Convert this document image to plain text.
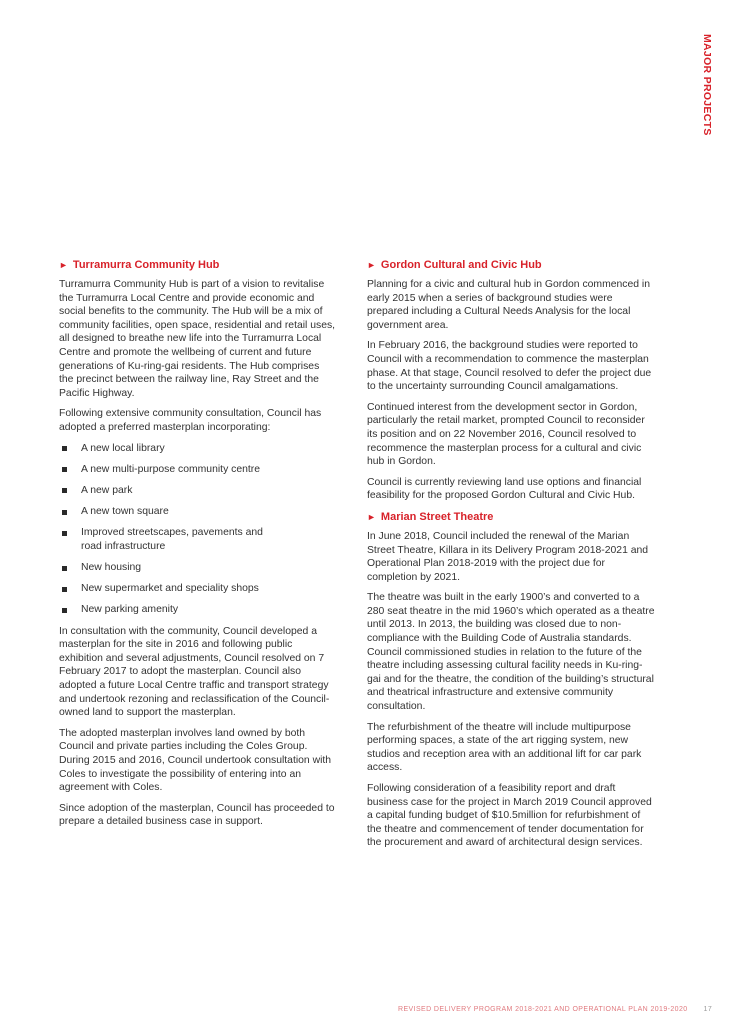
MAJOR PROJECTS
► Turramurra Community Hub

Turramurra Community Hub is part of a vision to revitalise the Turramurra Local Centre and provide economic and social benefits to the community. The Hub will be a mix of community facilities, open space, residential and retail uses, all designed to breathe new life into the Turramurra Local Centre and promote the wellbeing of current and future generations of Ku-ring-gai residents. The Hub comprises the precinct between the railway line, Ray Street and the Pacific Highway.

Following extensive community consultation, Council has adopted a preferred masterplan incorporating:

A new local library
A new multi-purpose community centre
A new park
A new town square
Improved streetscapes, pavements and road infrastructure
New housing
New supermarket and speciality shops
New parking amenity

In consultation with the community, Council developed a masterplan for the site in 2016 and following public exhibition and several adjustments, Council resolved on 7 February 2017 to adopt the masterplan. Council also adopted a future Local Centre traffic and transport strategy and undertook rezoning and reclassification of the Council-owned land to support the masterplan.

The adopted masterplan involves land owned by both Council and private parties including the Coles Group. During 2015 and 2016, Council undertook consultation with Coles to investigate the possibility of entering into an agreement with Coles.

Since adoption of the masterplan, Council has proceeded to prepare a detailed business case in support.

► Gordon Cultural and Civic Hub

Planning for a civic and cultural hub in Gordon commenced in early 2015 when a series of background studies were prepared including a Cultural Needs Analysis for the local government area.

In February 2016, the background studies were reported to Council with a recommendation to commence the masterplan phase. At that stage, Council resolved to defer the project due to the uncertainty surrounding Council amalgamations.

Continued interest from the development sector in Gordon, particularly the retail market, prompted Council to reconsider its position and on 22 November 2016, Council resolved to recommence the masterplan process for a cultural and civic hub in Gordon.

Council is currently reviewing land use options and financial feasibility for the proposed Gordon Cultural and Civic Hub.

► Marian Street Theatre

In June 2018, Council included the renewal of the Marian Street Theatre, Killara in its Delivery Program 2018-2021 and Operational Plan 2018-2019 with the project due for completion by 2021.

The theatre was built in the early 1900’s and converted to a 280 seat theatre in the mid 1960’s which operated as a theatre until 2013. In 2013, the building was closed due to non-compliance with the Building Code of Australia standards. Council commissioned studies in relation to the future of the theatre including assessing cultural facility needs in Ku-ring-gai and for the theatre, the condition of the building’s structural and theatrical infrastructure and extensive community consultation.

The refurbishment of the theatre will include multipurpose performing spaces, a state of the art rigging system, new studios and reception area with an additional lift for car park access.

Following consideration of a feasibility report and draft business case for the project in March 2019 Council approved a capital funding budget of $10.5million for refurbishment of the theatre and commencement of tender documentation for the procurement and award of architectural design services.

REVISED DELIVERY PROGRAM 2018-2021 AND OPERATIONAL PLAN 2019-2020 17
